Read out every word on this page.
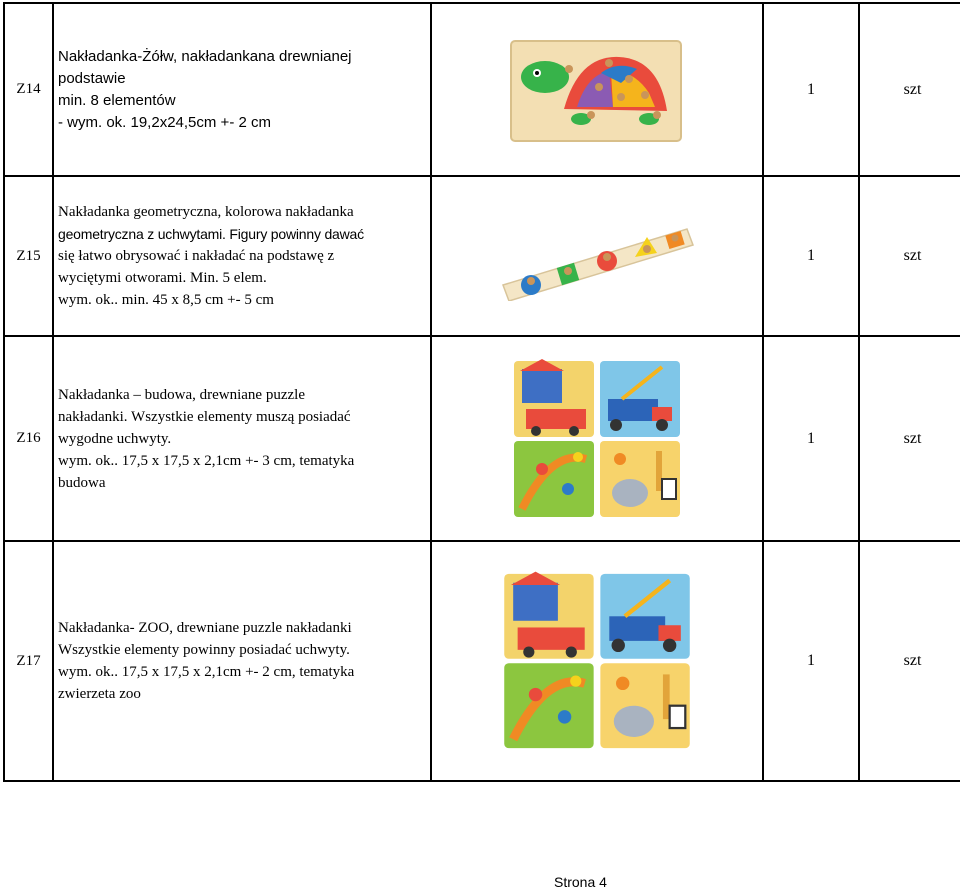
Z14	Nakładanka-Żółw, nakładankana drewnianej
podstawie
min. 8 elementów
- wym. ok. 19,2x24,5cm +- 2 cm		1	szt
Z15	Nakładanka geometryczna, kolorowa nakładanka
geometryczna z uchwytami. Figury powinny dawać
się łatwo obrysować i nakładać na podstawę z
wyciętymi otworami. Min. 5 elem.
wym. ok.. min. 45 x 8,5 cm +- 5 cm		1	szt
Z16	Nakładanka – budowa, drewniane puzzle
nakładanki. Wszystkie elementy muszą posiadać
wygodne uchwyty.
wym. ok.. 17,5 x 17,5 x 2,1cm +- 3 cm, tematyka
budowa		1	szt
Z17	Nakładanka- ZOO, drewniane puzzle nakładanki
Wszystkie elementy powinny posiadać uchwyty.
wym. ok.. 17,5 x 17,5 x 2,1cm +- 2 cm, tematyka
zwierzeta zoo		1	szt
Strona 4
